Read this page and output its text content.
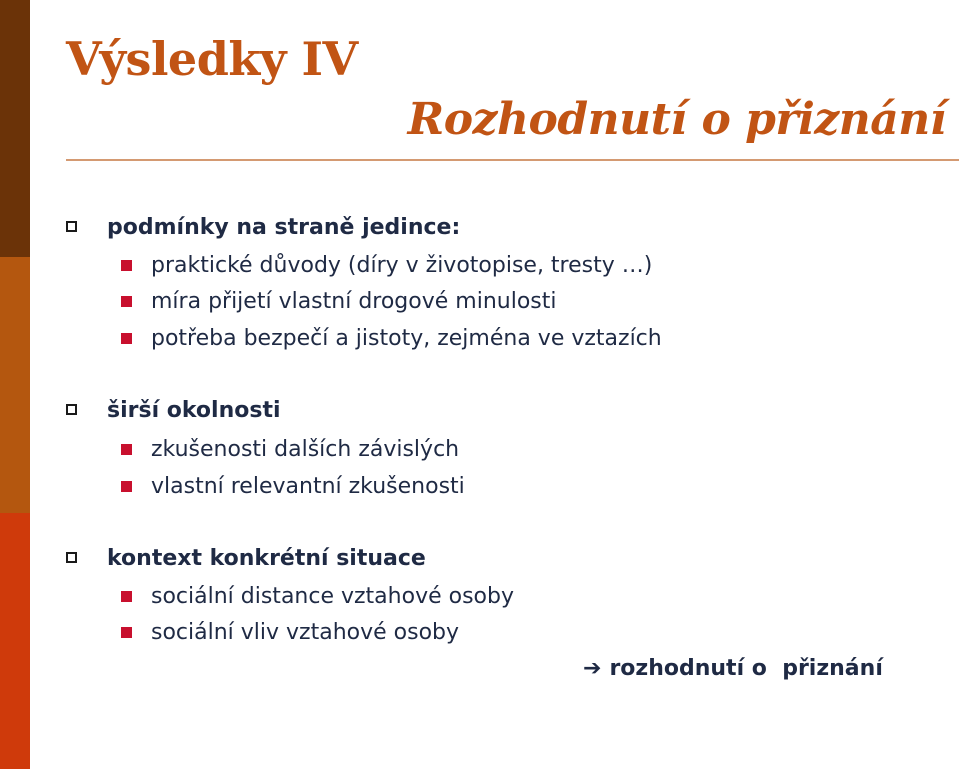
Výsledky IV
Rozhodnutí o přiznání
podmínky na straně jedince:
praktické důvody (díry v životopise, tresty …)
míra přijetí vlastní drogové minulosti
potřeba bezpečí a jistoty, zejména ve vztazích
širší okolnosti
zkušenosti dalších závislých
vlastní relevantní zkušenosti
kontext konkrétní situace
sociální distance vztahové osoby
sociální vliv vztahové osoby
➔ rozhodnutí o  přiznání
